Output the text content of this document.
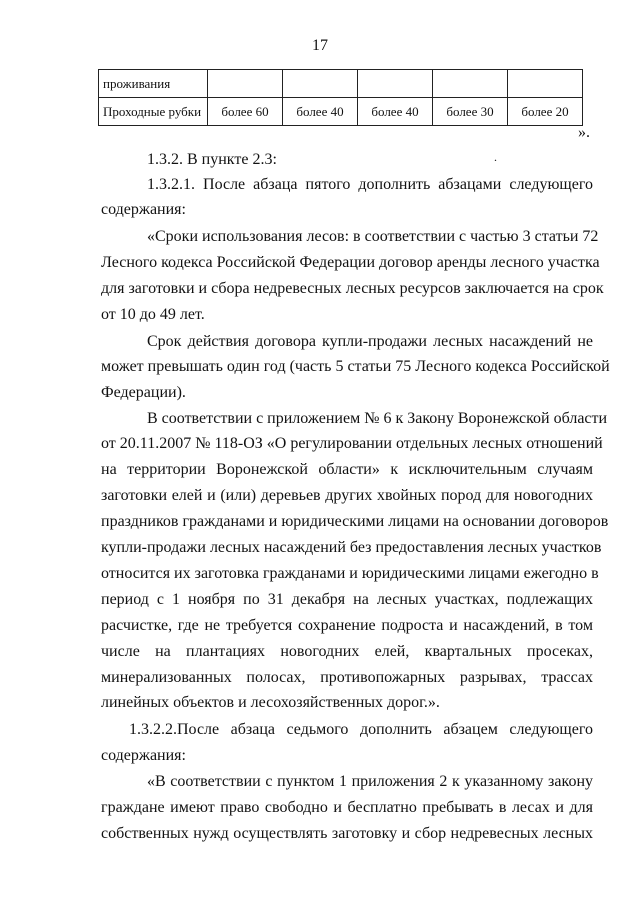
17
проживания					
Проходные рубки	более 60	более 40	более 40	более 30	более 20
».
.
1.3.2. В пункте 2.3:
1.3.2.1. После абзаца пятого дополнить абзацами следующего
содержания:
«Сроки использования лесов: в соответствии с частью 3 статьи 72
Лесного кодекса Российской Федерации договор аренды лесного участка
для заготовки и сбора недревесных лесных ресурсов заключается на срок
от 10 до 49 лет.
Срок действия договора купли-продажи лесных насаждений не
может превышать один год (часть 5 статьи 75 Лесного кодекса Российской
Федерации).
В соответствии с приложением № 6 к Закону Воронежской области
от 20.11.2007 № 118-ОЗ «О регулировании отдельных лесных отношений
на территории Воронежской области» к исключительным случаям
заготовки елей и (или) деревьев других хвойных пород для новогодних
праздников гражданами и юридическими лицами на основании договоров
купли-продажи лесных насаждений без предоставления лесных участков
относится их заготовка гражданами и юридическими лицами ежегодно в
период с 1 ноября по 31 декабря на лесных участках, подлежащих
расчистке, где не требуется сохранение подроста и насаждений, в том
числе на плантациях новогодних елей, квартальных просеках,
минерализованных полосах, противопожарных разрывах, трассах
линейных объектов и лесохозяйственных дорог.».
1.3.2.2.После абзаца седьмого дополнить абзацем следующего
содержания:
«В соответствии с пунктом 1 приложения 2 к указанному закону
граждане имеют право свободно и бесплатно пребывать в лесах и для
собственных нужд осуществлять заготовку и сбор недревесных лесных
